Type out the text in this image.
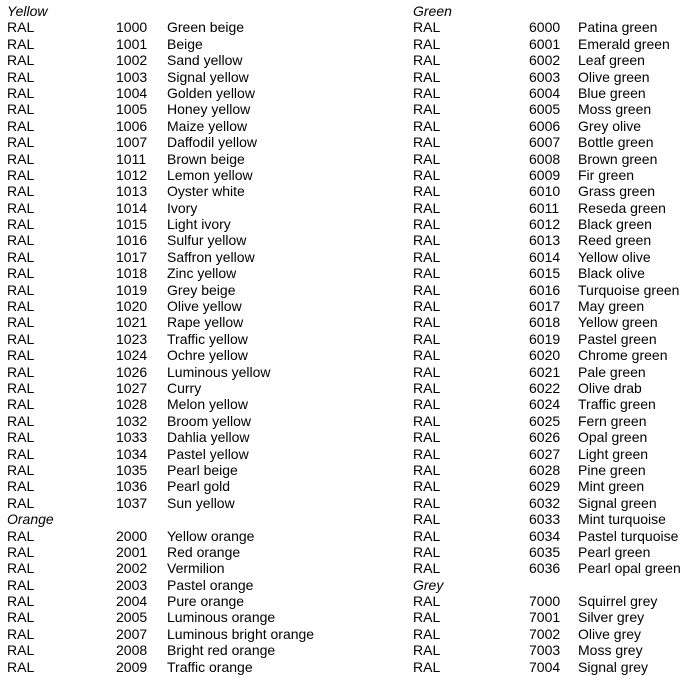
Yellow
RAL	1000 Green beige
RAL	1001 Beige
RAL	1002 Sand yellow
RAL	1003 Signal yellow
RAL	1004 Golden yellow
RAL	1005 Honey yellow
RAL	1006 Maize yellow
RAL	1007 Daffodil yellow
RAL	1011 Brown beige
RAL	1012 Lemon yellow
RAL	1013 Oyster white
RAL	1014 Ivory
RAL	1015 Light ivory
RAL	1016 Sulfur yellow
RAL	1017 Saffron yellow
RAL	1018 Zinc yellow
RAL	1019 Grey beige
RAL	1020 Olive yellow
RAL	1021 Rape yellow
RAL	1023 Traffic yellow
RAL	1024 Ochre yellow
RAL	1026 Luminous yellow
RAL	1027 Curry
RAL	1028 Melon yellow
RAL	1032 Broom yellow
RAL	1033 Dahlia yellow
RAL	1034 Pastel yellow
RAL	1035 Pearl beige
RAL	1036 Pearl gold
RAL	1037 Sun yellow
Orange
RAL	2000 Yellow orange
RAL	2001 Red orange
RAL	2002 Vermilion
RAL	2003 Pastel orange
RAL	2004 Pure orange
RAL	2005 Luminous orange
RAL	2007 Luminous bright orange
RAL	2008 Bright red orange
RAL	2009 Traffic orange
Green
RAL	6000 Patina green
RAL	6001 Emerald green
RAL	6002 Leaf green
RAL	6003 Olive green
RAL	6004 Blue green
RAL	6005 Moss green
RAL	6006 Grey olive
RAL	6007 Bottle green
RAL	6008 Brown green
RAL	6009 Fir green
RAL	6010 Grass green
RAL	6011 Reseda green
RAL	6012 Black green
RAL	6013 Reed green
RAL	6014 Yellow olive
RAL	6015 Black olive
RAL	6016 Turquoise green
RAL	6017 May green
RAL	6018 Yellow green
RAL	6019 Pastel green
RAL	6020 Chrome green
RAL	6021 Pale green
RAL	6022 Olive drab
RAL	6024 Traffic green
RAL	6025 Fern green
RAL	6026 Opal green
RAL	6027 Light green
RAL	6028 Pine green
RAL	6029 Mint green
RAL	6032 Signal green
RAL	6033 Mint turquoise
RAL	6034 Pastel turquoise
RAL	6035 Pearl green
RAL	6036 Pearl opal green
Grey
RAL	7000 Squirrel grey
RAL	7001 Silver grey
RAL	7002 Olive grey
RAL	7003 Moss grey
RAL	7004 Signal grey
